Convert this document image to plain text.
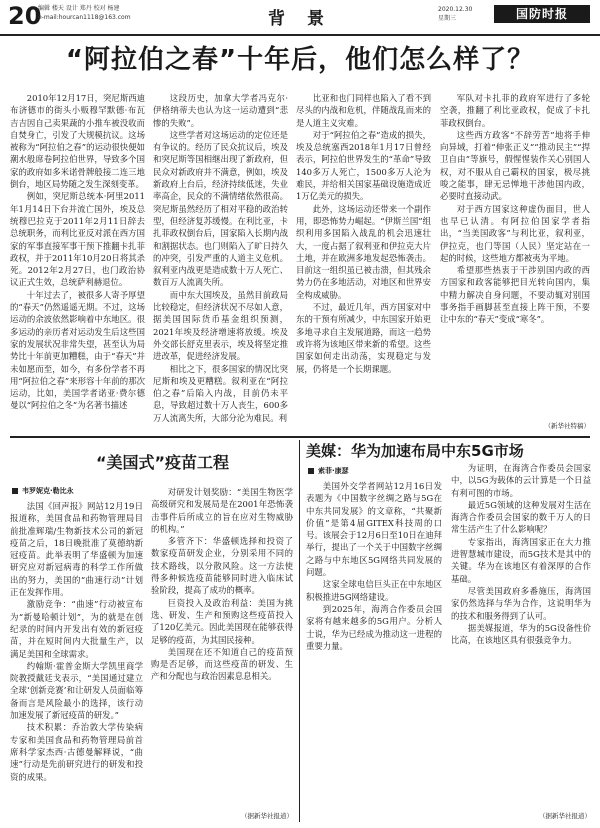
20
编辑 楼天 设计 郑丹 校对 杨建
e-mail:hourcan1118@163.com	背 景	2020.12.30
星期三	国防时报
“阿拉伯之春”十年后，他们怎么样了？

2010年12月17日，突尼斯西迪布济德市的街头小贩穆罕默德·布瓦吉吉因自己卖果蔬的小推车被没收而自焚身亡，引发了大规模抗议。这场被称为“阿拉伯之春”的运动很快便如潮水般席卷阿拉伯世界，导致多个国家的政府如多米诺骨牌般接二连三地倒台，地区局势随之发生深刻变革。

例如，突尼斯总统本·阿里2011年1月14日下台并流亡国外，埃及总统穆巴拉克于2011年2月11日辞去总统职务，而利比亚反对派在西方国家的军事直接军事干预下推翻卡扎菲政权，并于2011年10月20日将其杀死。2012年2月27日，也门政治协议正式生效，总统萨利赫退位。

十年过去了，被很多人寄予厚望的“春天”仍然遥遥无期。不过，这场运动的余波依然影响着中东地区。很多运动的亲历者对运动发生后这些国家的发展状况非常失望，甚至认为局势比十年前更加糟糕，由于“春天”并未如愿而至，如今，有多份学者不再用“阿拉伯之春”来形容十年前的那次运动，比如，美国学者诺亚·费尔德曼以“阿拉伯之冬”为名著书描述

这段历史，加拿大学者冯克尔·伊格纳蒂夫也认为这一运动遭到“悲惨的失败”。

这些学者对这场运动的定位还是有争议的。经历了民众抗议后，埃及和突尼斯等国相继出现了新政府，但民众对新政府并不满意，例如，埃及新政府上台后，经济持续低迷，失业率高企，民众的不满情绪依然很高。突尼斯虽然经历了相对平稳的政治转型，但经济复苏缓慢。在利比亚，卡扎菲政权倒台后，国家陷入长期内战和割据状态。也门则陷入了旷日持久的冲突，引发严重的人道主义危机。叙利亚内战更是造成数十万人死亡、数百万人流离失所。

而中东大国埃及，虽然目前政局比较稳定，但经济状况不尽如人意，据美国国际货币基金组织预测，2021年埃及经济增速将放缓。埃及外交部长舒克里表示，埃及将坚定推进改革，促进经济发展。

相比之下，很多国家的情况比突尼斯和埃及更糟糕。叙利亚在“阿拉伯之春”后陷入内战，目前仍未平息，导致超过数十万人丧生，600多万人流离失所，大部分沦为难民。利

比亚和也门同样也陷入了看不到尽头的内战和危机，伴随战乱而来的是人道主义灾难。

对于“阿拉伯之春”造成的损失，埃及总统塞西2018年1月17日曾经表示，阿拉伯世界发生的“革命”导致140多万人死亡，1500多万人沦为难民，并给相关国家基础设施造成近1万亿美元的损失。

此外，这场运动还带来一个副作用，即恐怖势力崛起。“伊斯兰国”组织利用多国陷入战乱的机会迅速壮大，一度占据了叙利亚和伊拉克大片土地，并在欧洲多地发起恐怖袭击。目前这一组织虽已被击溃，但其残余势力仍在多地活动，对地区和世界安全构成威胁。

不过，最近几年，西方国家对中东的干预有所减少，中东国家开始更多地寻求自主发展道路，而这一趋势或许将为该地区带来新的希望。这些国家如何走出动荡，实现稳定与发展，仍将是一个长期课题。

军队对卡扎菲的政府军进行了多轮空袭，推翻了利比亚政权，促成了卡扎菲政权倒台。

这些西方政客“不辞劳苦”地将手伸向异域，打着“伸张正义”“推动民主”“捍卫自由”等旗号，假惺惺装作关心别国人权，对不服从自己霸权的国家，极尽挑唆之能事，肆无忌惮地干涉他国内政，必要时直接动武。

对于西方国家这种虚伪面目，世人也早已认清。有阿拉伯国家学者指出，“当美国政客”与利比亚，叙利亚，伊拉克，也门等国（人民）坚定站在一起的时候，这些地方都被夷为平地。

希望那些热衷于干涉别国内政的西方国家和政客能够把目光转向国内，集中精力解决自身问题，不要动辄对别国事务指手画脚甚至直接上阵干预，不要让中东的“春天”变成“寒冬”。

（新华社特稿）
“美国式”疫苗工程
韦罗妮克·勒比永

法国《回声报》网站12月19日报道称，美国食品和药物管理局目前批准辉瑞/生物新技术公司的新冠疫苗之后，18日晚批准了莫德纳新冠疫苗。此举表明了华盛顿为加速研究应对新冠病毒的科学工作所做出的努力，美国的“曲速行动”计划正在发挥作用。

激励竞争：“曲速”行动被宣布为“新曼哈顿计划”，为的就是在创纪录的时间内开发出有效的新冠疫苗，并在短时间内大批量生产，以满足美国和全球需求。

约翰斯·霍普金斯大学凯里商学院教授戴廷戈表示，“美国通过建立全球‘创新竞赛’和让研发人员面临筹备而言是风险最小的选择，该行动加速发展了新冠疫苗的研发。”

技术积累：乔治敦大学传染病专家和美国食品和药物管理局前首席科学家杰西·古德曼解释说，“曲速”行动是先前研究进行的研发和投资的成果。

对研发计划奖励：“美国生物医学高级研究和发展局是在2001年恐怖袭击事件后所成立的旨在应对生物威胁的机构。”

多管齐下：华盛顿选择和投资了数家疫苗研发企业，分别采用不同的技术路线，以分散风险。这一方法使得多种候选疫苗能够同时进入临床试验阶段，提高了成功的概率。

巨资投入及政治利益：美国为挑选、研发、生产和预购这些疫苗投入了120亿美元。因此美国现在能够获得足够的疫苗，为其国民接种。

美国现在还不知道自己的疫苗预购是否足够，而这些疫苗的研发、生产和分配也与政治因素息息相关。

（据新华社报道）
美媒：华为加速布局中东5G市场
索菲·康瑟

美国外交学者网站12月16日发表题为《中国数字丝绸之路与5G在中东共同发展》的文章称，“共聚新价值”是第4届GITEX科技周的口号。该展会于12月6日至10日在迪拜举行，提出了一个关于中国数字丝绸之路与中东地区5G网络共同发展的问题。

这家全球电信巨头正在中东地区积极推进5G网络建设。

到2025年，海湾合作委员会国家将有越来越多的5G用户。分析人士说，华为已经成为推动这一进程的重要力量。

为证明，在海湾合作委员会国家中，以5G为载体的云计算是一个日益有利可图的市场。

最近5G领域的这种发展对生活在海湾合作委员会国家的数千万人的日常生活产生了什么影响呢？

专家指出，海湾国家正在大力推进智慧城市建设，而5G技术是其中的关键。华为在该地区有着深厚的合作基础。

尽管美国政府多番施压，海湾国家仍然选择与华为合作，这说明华为的技术和服务得到了认可。

据美媒报道，华为的5G设备性价比高，在该地区具有很强竞争力。

（据新华社报道）
